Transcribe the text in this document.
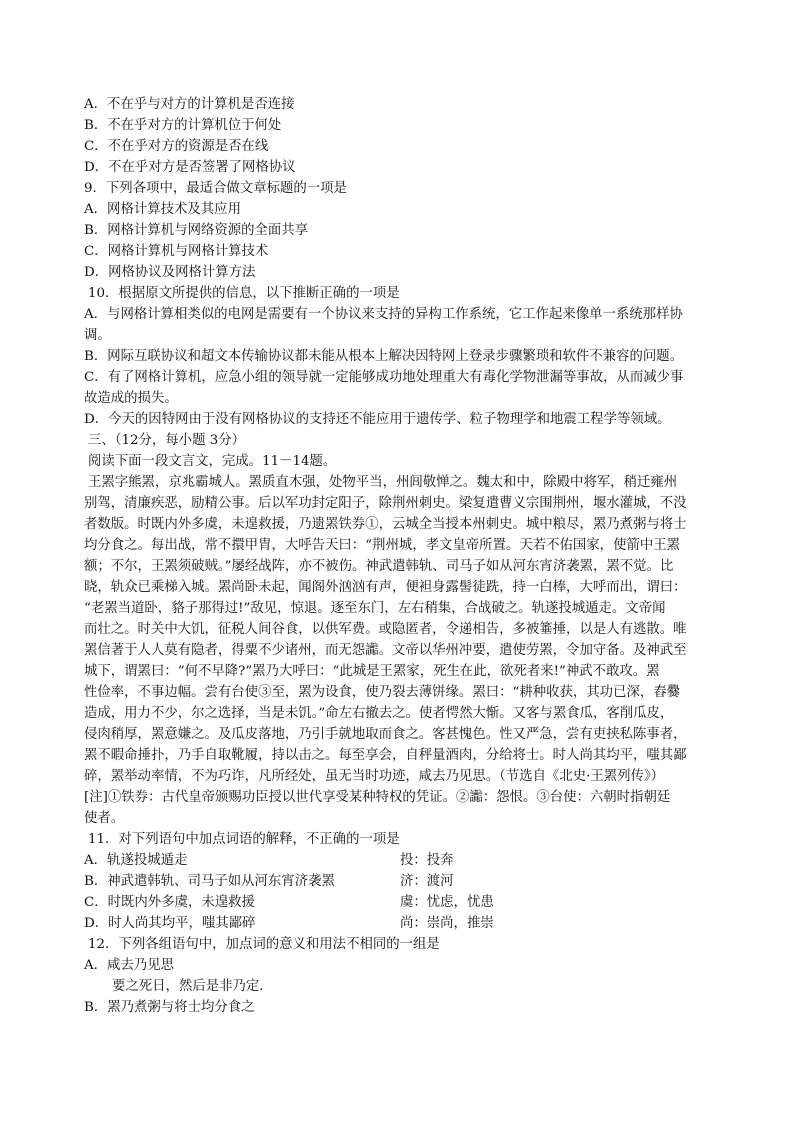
A．不在乎与对方的计算机是否连接
B．不在乎对方的计算机位于何处
C．不在乎对方的资源是否在线
D．不在乎对方是否签署了网格协议
9．下列各项中，最适合做文章标题的一项是
A．网格计算技术及其应用
B．网格计算机与网络资源的全面共享
C．网格计算机与网格计算技术
D．网格协议及网格计算方法
10．根据原文所提供的信息，以下推断正确的一项是
A．与网格计算相类似的电网是需要有一个协议来支持的异构工作系统，它工作起来像单一系统那样协
调。
B．网际互联协议和超文本传输协议都未能从根本上解决因特网上登录步骤繁琐和软件不兼容的问题。
C．有了网格计算机，应急小组的领导就一定能够成功地处理重大有毒化学物泄漏等事故，从而减少事
故造成的损失。
D．今天的因特网由于没有网格协议的支持还不能应用于遗传学、粒子物理学和地震工程学等领域。
三、（12分，每小题 3分）
阅读下面一段文言文，完成。11－14题。
王罴字熊罴，京兆霸城人。罴质直木强，处物平当，州闾敬惮之。魏太和中，除殿中将军，稍迁雍州
别驾，清廉疾恶，励精公事。后以军功封定阳子，除荆州刺史。梁复遣曹义宗围荆州，堰水灌城，不没
者数版。时既内外多虞，未遑救援，乃遗罴铁券①，云城全当授本州刺史。城中粮尽，罴乃煮粥与将士
均分食之。每出战，常不擐甲胄，大呼告天曰：“荆州城，孝文皇帝所置。天若不佑国家，使箭中王罴
额；不尔，王罴须破贼。”屡经战阵，亦不被伤。神武遣韩轨、司马子如从河东宵济袭罴，罴不觉。比
晓，轨众已乘梯入城。罴尚卧未起，闻阁外汹汹有声，便袒身露髻徒跣，持一白棒，大呼而出，谓曰：
“老罴当道卧，貉子那得过!”敌见，惊退。逐至东门，左右稍集，合战破之。轨遂投城遁走。文帝闻
而壮之。时关中大饥，征税人间谷食，以供军费。或隐匿者，令递相告，多被箠捶，以是人有逃散。唯
罴信著于人人莫有隐者，得粟不少诸州，而无怨讟。文帝以华州冲要，遣使劳罴，令加守备。及神武至
城下，谓罴曰：“何不早降?”罴乃大呼曰：“此城是王罴家，死生在此，欲死者来!”神武不敢攻。罴
性俭率，不事边幅。尝有台使③至，罴为设食，使乃裂去薄饼缘。罴曰：“耕种收获，其功已深，舂爨
造成，用力不少，尔之选择，当是未饥。”命左右撤去之。使者愕然大惭。又客与罴食瓜，客削瓜皮，
侵肉稍厚，罴意嫌之。及瓜皮落地，乃引手就地取而食之。客甚愧色。性又严急，尝有吏挟私陈事者，
罴不暇命捶扑，乃手自取靴履，持以击之。每至享会，自秤量酒肉，分给将士。时人尚其均平，嗤其鄙
碎，罴举动率情，不为巧诈，凡所经处，虽无当时功迹，咸去乃见思。（节选自《北史·王罴列传》）
[注]①铁券：古代皇帝颁赐功臣授以世代享受某种特权的凭证。②讟：怨恨。③台使：六朝时指朝廷
使者。
11．对下列语句中加点词语的解释，不正确的一项是
A．轨遂投城遁走	投：投奔
B．神武遣韩轨、司马子如从河东宵济袭罴	济：渡河
C．时既内外多虞，未遑救援	虞：忧虑，忧患
D．时人尚其均平，嗤其鄙碎	尚：崇尚，推崇
12．下列各组语句中，加点词的意义和用法不相同的一组是
A．咸去乃见思
要之死日，然后是非乃定．
B．罴乃煮粥与将士均分食之
